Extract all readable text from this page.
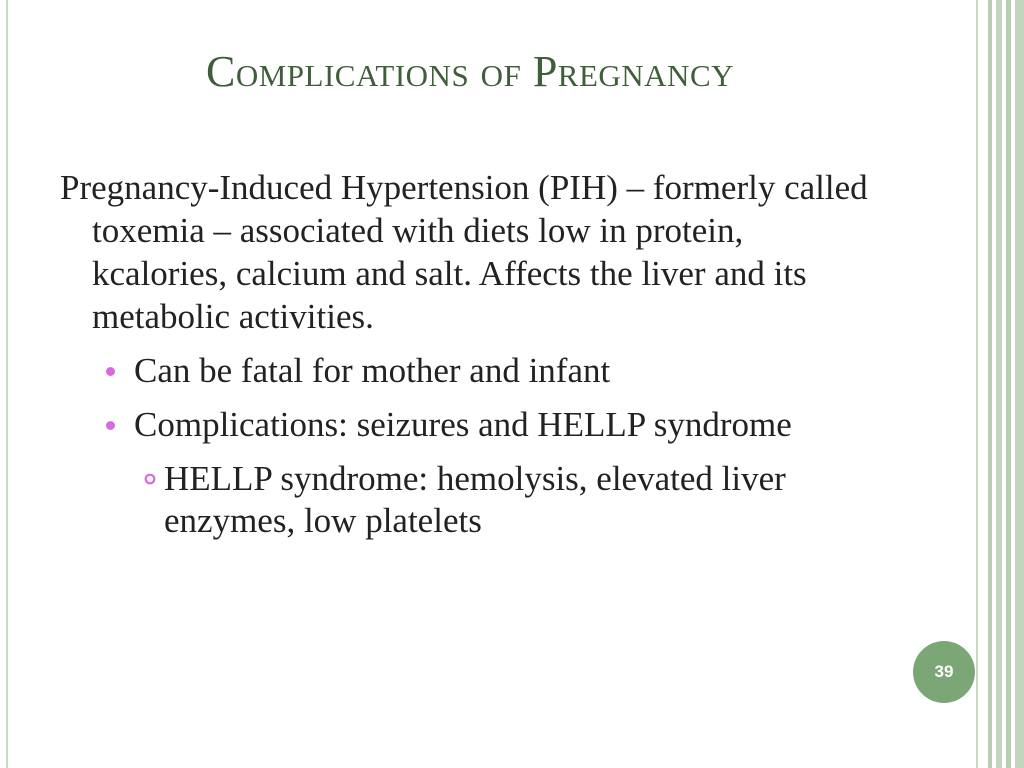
Complications of Pregnancy

Pregnancy-Induced Hypertension (PIH) – formerly called toxemia – associated with diets low in protein, kcalories, calcium and salt. Affects the liver and its metabolic activities.

Can be fatal for mother and infant
Complications: seizures and HELLP syndrome
HELLP syndrome: hemolysis, elevated liver enzymes, low platelets
39
